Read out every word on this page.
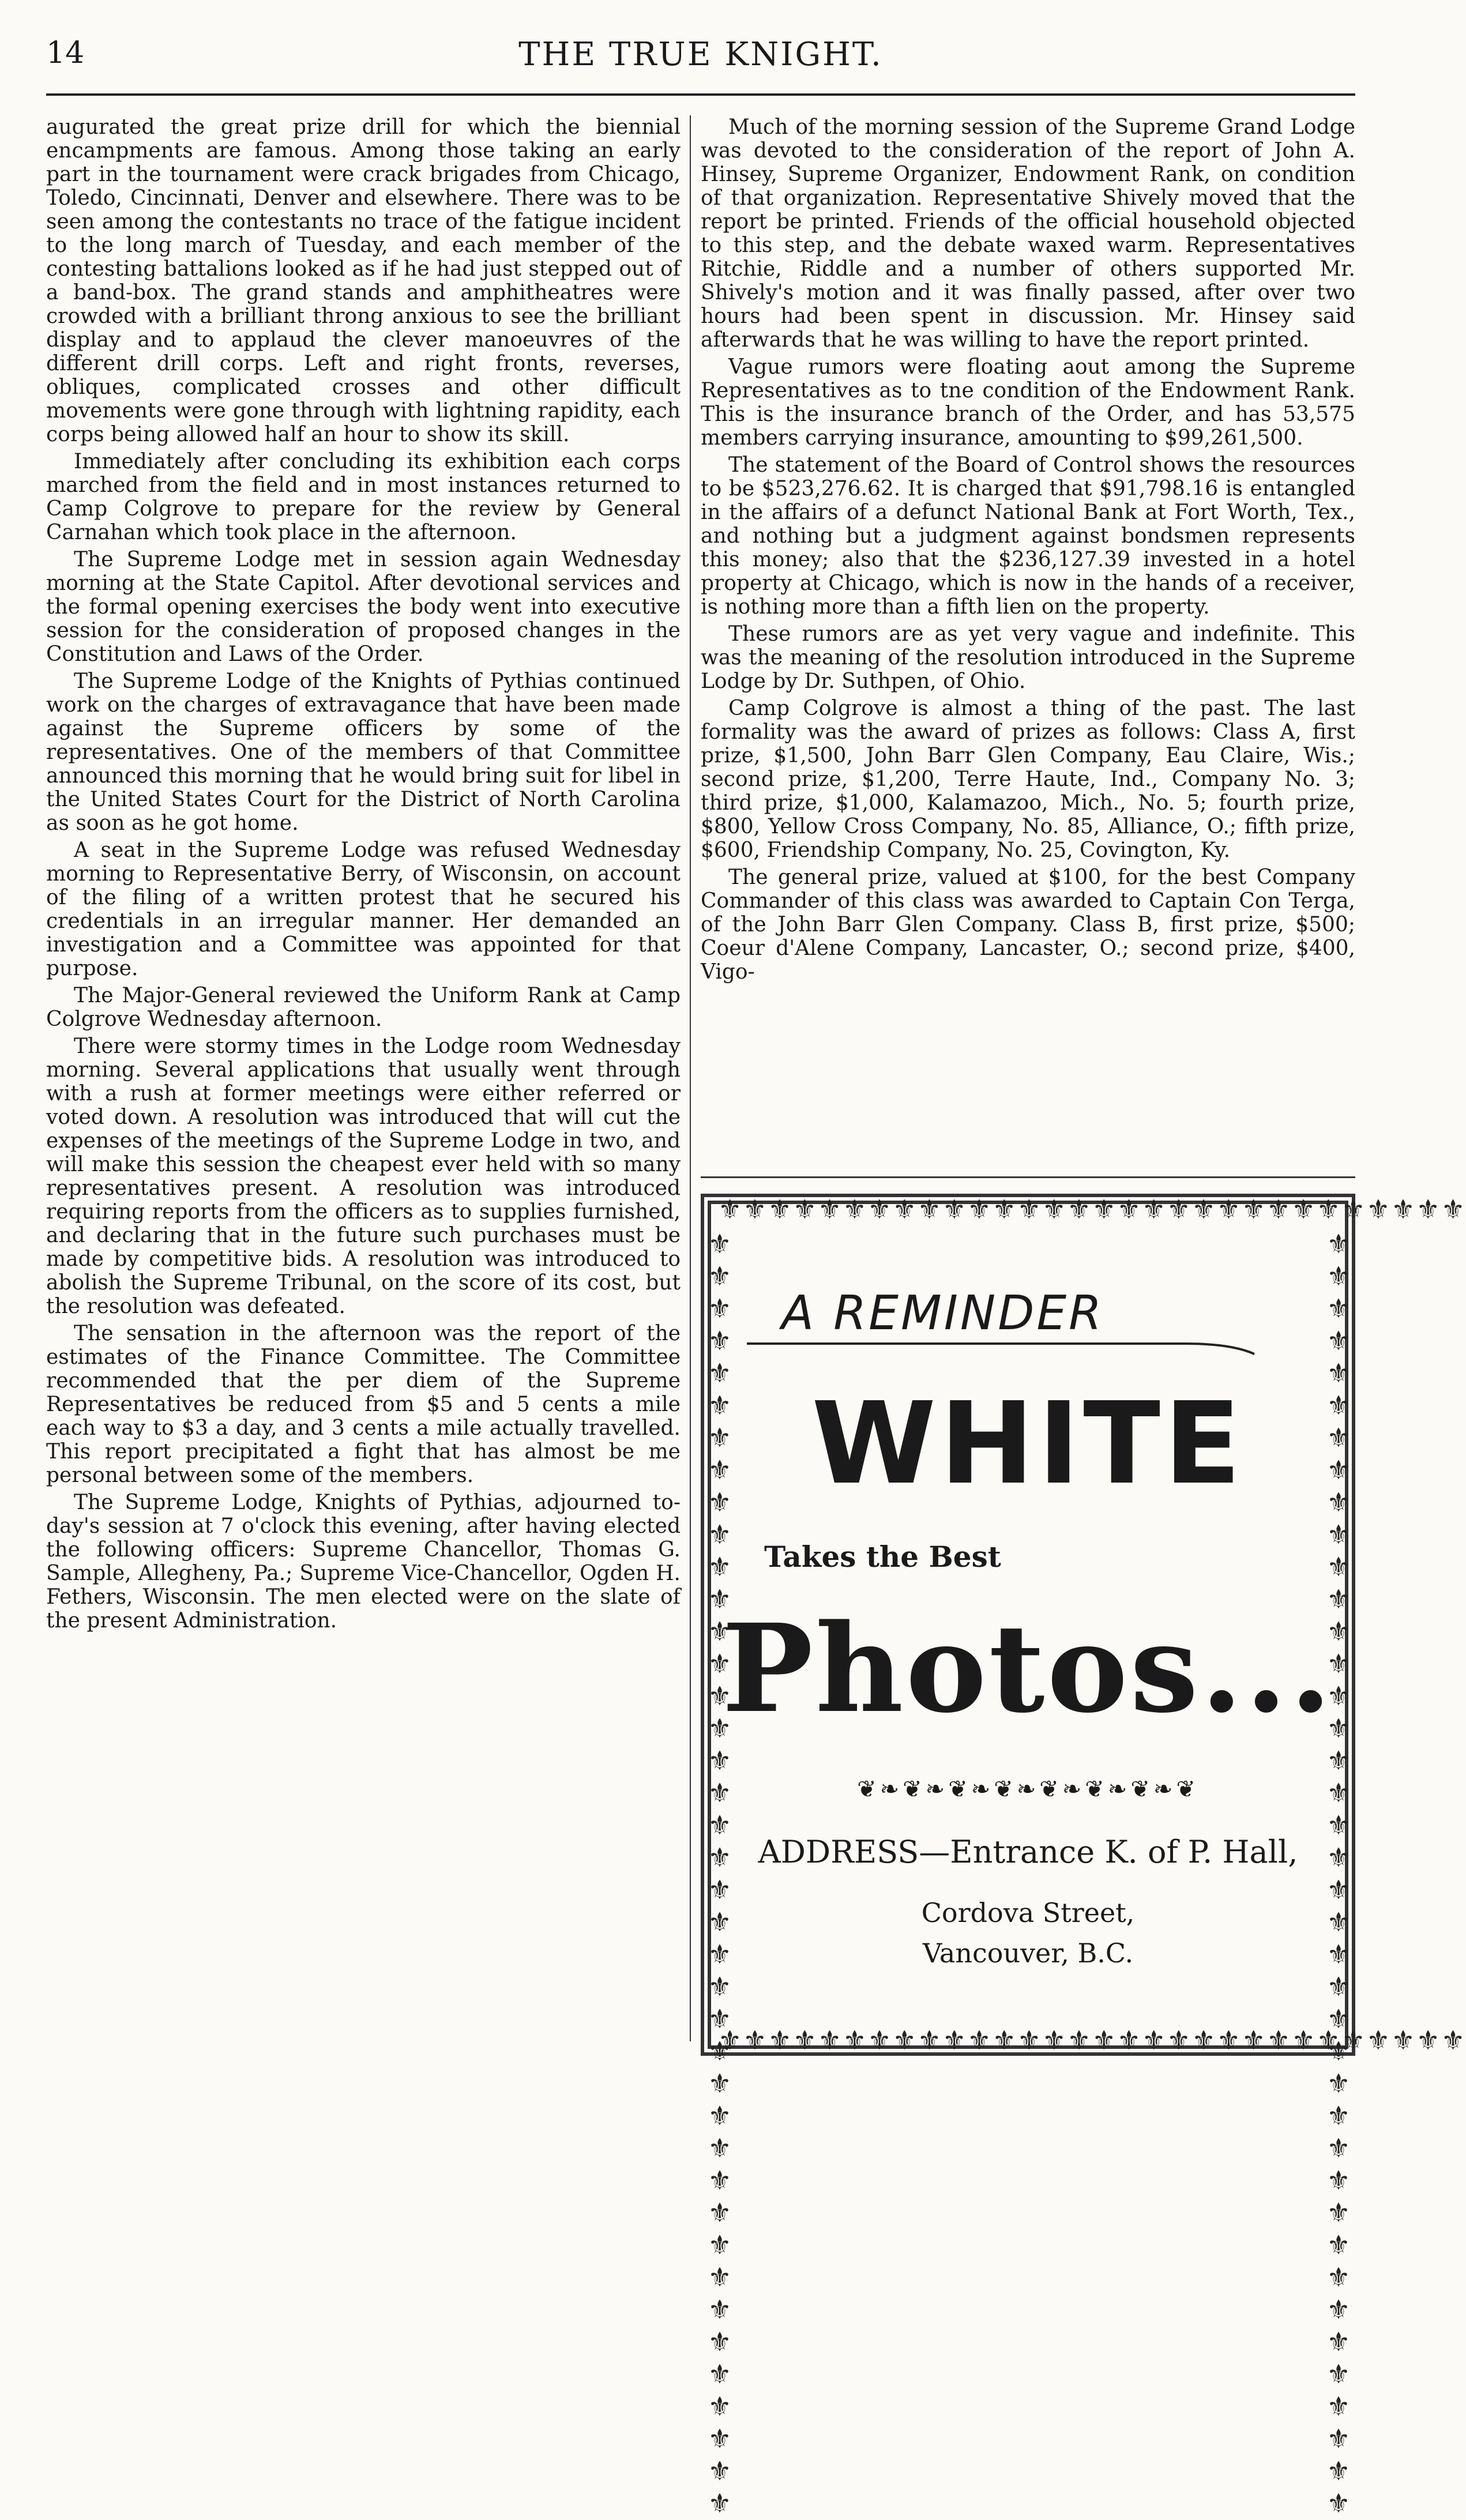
14	THE TRUE KNIGHT.

augurated the great prize drill for which the biennial encampments are famous. Among those taking an early part in the tournament were crack brigades from Chicago, Toledo, Cincinnati, Denver and elsewhere. There was to be seen among the contestants no trace of the fatigue incident to the long march of Tuesday, and each member of the contesting battalions looked as if he had just stepped out of a band-box. The grand stands and amphitheatres were crowded with a brilliant throng anxious to see the brilliant display and to applaud the clever manoeuvres of the different drill corps. Left and right fronts, reverses, obliques, complicated crosses and other difficult movements were gone through with lightning rapidity, each corps being allowed half an hour to show its skill.

Immediately after concluding its exhibition each corps marched from the field and in most instances returned to Camp Colgrove to prepare for the review by General Carnahan which took place in the afternoon.

The Supreme Lodge met in session again Wednesday morning at the State Capitol. After devotional services and the formal opening exercises the body went into executive session for the consideration of proposed changes in the Constitution and Laws of the Order.

The Supreme Lodge of the Knights of Pythias continued work on the charges of extravagance that have been made against the Supreme officers by some of the representatives. One of the members of that Committee announced this morning that he would bring suit for libel in the United States Court for the District of North Carolina as soon as he got home.

A seat in the Supreme Lodge was refused Wednesday morning to Representative Berry, of Wisconsin, on account of the filing of a written protest that he secured his credentials in an irregular manner. Her demanded an investigation and a Committee was appointed for that purpose.

The Major-General reviewed the Uniform Rank at Camp Colgrove Wednesday afternoon.

There were stormy times in the Lodge room Wednesday morning. Several applications that usually went through with a rush at former meetings were either referred or voted down. A resolution was introduced that will cut the expenses of the meetings of the Supreme Lodge in two, and will make this session the cheapest ever held with so many representatives present. A resolution was introduced requiring reports from the officers as to supplies furnished, and declaring that in the future such purchases must be made by competitive bids. A resolution was introduced to abolish the Supreme Tribunal, on the score of its cost, but the resolution was defeated.

The sensation in the afternoon was the report of the estimates of the Finance Committee. The Committee recommended that the per diem of the Supreme Representatives be reduced from $5 and 5 cents a mile each way to $3 a day, and 3 cents a mile actually travelled. This report precipitated a fight that has almost be me personal between some of the members.

The Supreme Lodge, Knights of Pythias, adjourned to-day's session at 7 o'clock this evening, after having elected the following officers: Supreme Chancellor, Thomas G. Sample, Allegheny, Pa.; Supreme Vice-Chancellor, Ogden H. Fethers, Wisconsin. The men elected were on the slate of the present Administration.

Much of the morning session of the Supreme Grand Lodge was devoted to the consideration of the report of John A. Hinsey, Supreme Organizer, Endowment Rank, on condition of that organization. Representative Shively moved that the report be printed. Friends of the official household objected to this step, and the debate waxed warm. Representatives Ritchie, Riddle and a number of others supported Mr. Shively's motion and it was finally passed, after over two hours had been spent in discussion. Mr. Hinsey said afterwards that he was willing to have the report printed.

Vague rumors were floating aout among the Supreme Representatives as to tne condition of the Endowment Rank. This is the insurance branch of the Order, and has 53,575 members carrying insurance, amounting to $99,261,500.

The statement of the Board of Control shows the resources to be $523,276.62. It is charged that $91,798.16 is entangled in the affairs of a defunct National Bank at Fort Worth, Tex., and nothing but a judgment against bondsmen represents this money; also that the $236,127.39 invested in a hotel property at Chicago, which is now in the hands of a receiver, is nothing more than a fifth lien on the property.

These rumors are as yet very vague and indefinite. This was the meaning of the resolution introduced in the Supreme Lodge by Dr. Suthpen, of Ohio.

Camp Colgrove is almost a thing of the past. The last formality was the award of prizes as follows: Class A, first prize, $1,500, John Barr Glen Company, Eau Claire, Wis.; second prize, $1,200, Terre Haute, Ind., Company No. 3; third prize, $1,000, Kalamazoo, Mich., No. 5; fourth prize, $800, Yellow Cross Company, No. 85, Alliance, O.; fifth prize, $600, Friendship Company, No. 25, Covington, Ky.

The general prize, valued at $100, for the best Company Commander of this class was awarded to Captain Con Terga, of the John Barr Glen Company. Class B, first prize, $500; Coeur d'Alene Company, Lancaster, O.; second prize, $400, Vigo-

⚜⚜⚜⚜⚜⚜⚜⚜⚜⚜⚜⚜⚜⚜⚜⚜⚜⚜⚜⚜⚜⚜⚜⚜⚜⚜⚜⚜⚜⚜
⚜⚜⚜⚜⚜⚜⚜⚜⚜⚜⚜⚜⚜⚜⚜⚜⚜⚜⚜⚜⚜⚜⚜⚜⚜⚜⚜⚜⚜⚜
⚜⚜⚜⚜⚜⚜⚜⚜⚜⚜⚜⚜⚜⚜⚜⚜⚜⚜⚜⚜⚜⚜⚜⚜⚜⚜⚜⚜⚜⚜⚜⚜⚜⚜⚜⚜⚜⚜⚜⚜	⚜⚜⚜⚜⚜⚜⚜⚜⚜⚜⚜⚜⚜⚜⚜⚜⚜⚜⚜⚜⚜⚜⚜⚜⚜⚜⚜⚜⚜⚜⚜⚜⚜⚜⚜⚜⚜⚜⚜⚜
A REMINDER
WHITE
Takes the Best
Photos...
❦❧❦❧❦❧❦❧❦❧❦❧❦❧❦
ADDRESS—Entrance K. of P. Hall,
Cordova Street,
Vancouver, B.C.
